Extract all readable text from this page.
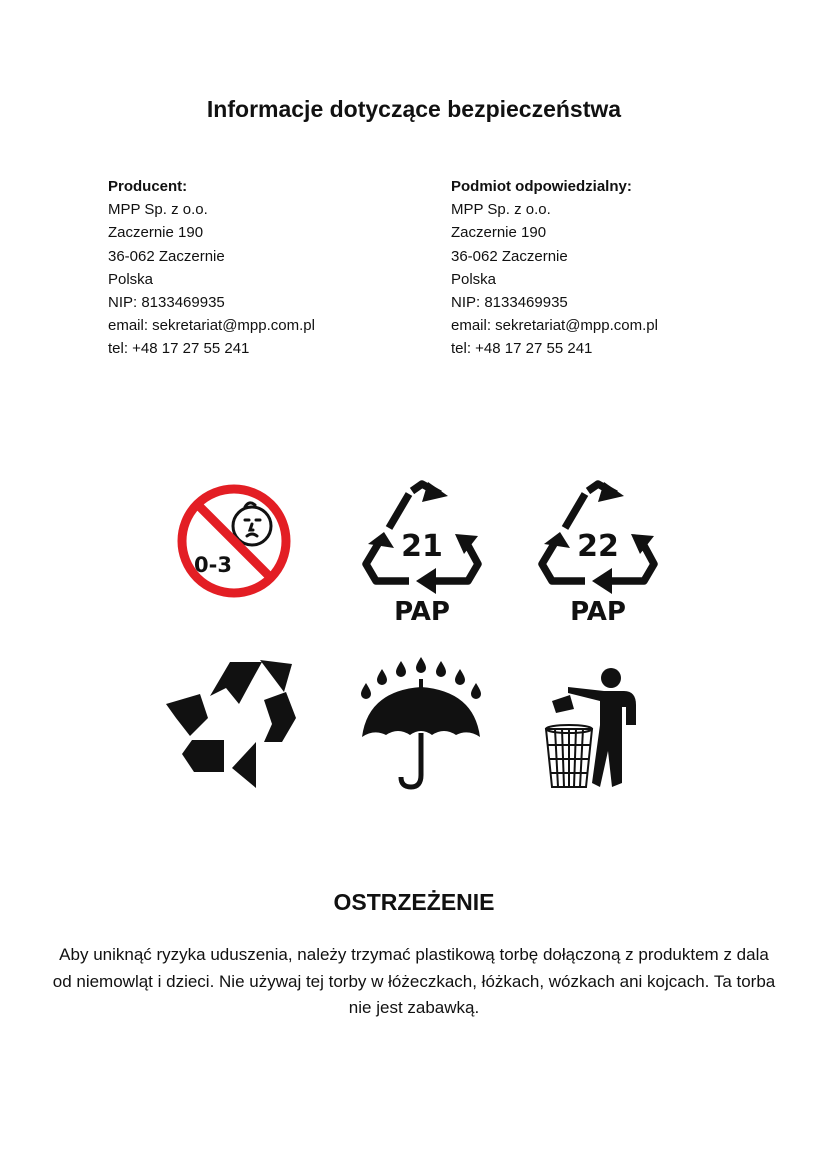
Informacje dotyczące bezpieczeństwa
Producent:
MPP Sp. z o.o.
Zaczernie 190
36-062 Zaczernie
Polska
NIP: 8133469935
email: sekretariat@mpp.com.pl
tel: +48 17 27 55 241
Podmiot odpowiedzialny:
MPP Sp. z o.o.
Zaczernie 190
36-062 Zaczernie
Polska
NIP: 8133469935
email: sekretariat@mpp.com.pl
tel: +48 17 27 55 241
0-3
21
PAP
22
PAP
OSTRZEŻENIE

Aby uniknąć ryzyka uduszenia, należy trzymać plastikową torbę dołączoną z produktem z dala od niemowląt i dzieci. Nie używaj tej torby w łóżeczkach, łóżkach, wózkach ani kojcach. Ta torba nie jest zabawką.
